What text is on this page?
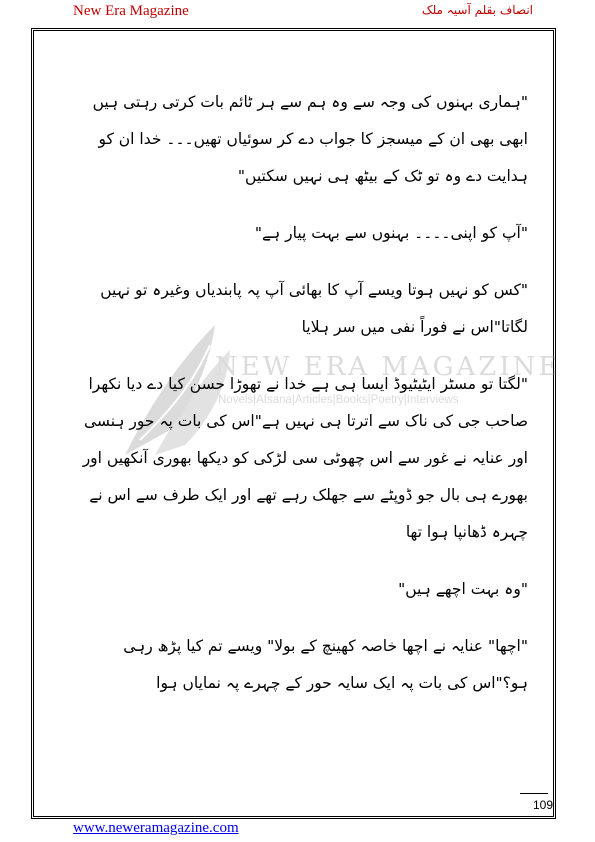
New Era Magazine	انصاف بقلم آسیہ ملک
NEW ERA MAGAZINE
Novels|Afsana|Articles|Books|Poetry|Interviews

"ہماری بہنوں کی وجہ سے وہ ہم سے ہر ٹائم بات کرتی رہتی ہیں ابھی بھی ان کے میسجز کا جواب دے کر سوئیاں تھیں۔۔۔ خدا ان کو ہدایت دے وہ تو ٹک کے بیٹھ ہی نہیں سکتیں"

"آپ کو اپنی۔۔۔۔ بہنوں سے بہت پیار ہے"

"کس کو نہیں ہوتا ویسے آپ کا بھائی آپ پہ پابندیاں وغیرہ تو نہیں لگاتا"اس نے فوراً نفی میں سر ہلایا

"لگتا تو مسٹر ایٹیٹیوڈ ایسا ہی ہے خدا نے تھوڑا حسن کیا دے دیا نکھرا صاحب جی کی ناک سے اترتا ہی نہیں ہے"اس کی بات پہ حور ہنسی اور عنایہ نے غور سے اس چھوٹی سی لڑکی کو دیکھا بھوری آنکھیں اور بھورے ہی بال جو ڈوپٹے سے جھلک رہے تھے اور ایک طرف سے اس نے چہرہ ڈھانپا ہوا تھا

"وہ بہت اچھے ہیں"

"اچھا" عنایہ نے اچھا خاصہ کھینچ کے بولا" ویسے تم کیا پڑھ رہی ہو؟"اس کی بات پہ ایک سایہ حور کے چہرے پہ نمایاں ہوا

109
www.neweramagazine.com
